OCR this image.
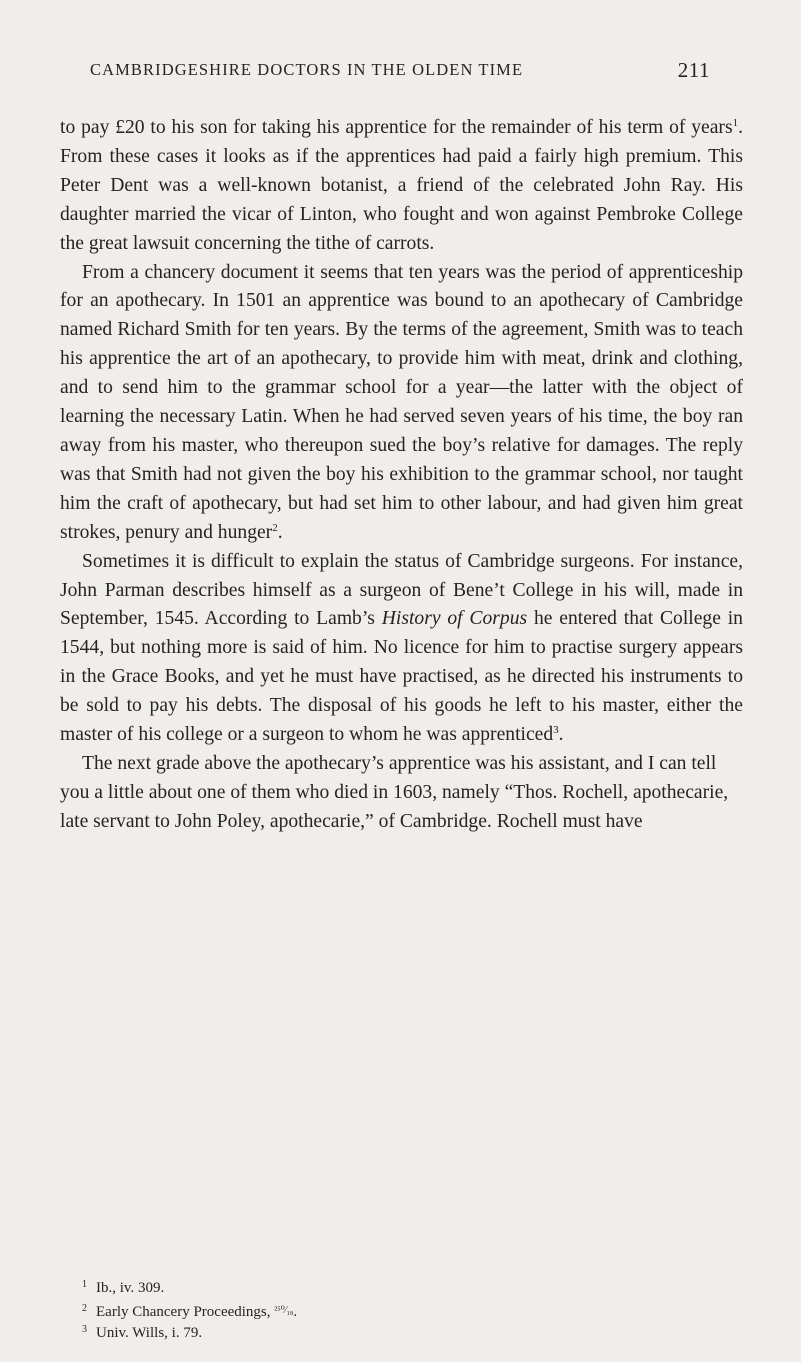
CAMBRIDGESHIRE DOCTORS IN THE OLDEN TIME	211

to pay £20 to his son for taking his apprentice for the remainder of his term of years$^1$. From these cases it looks as if the apprentices had paid a fairly high premium. This Peter Dent was a well-known botanist, a friend of the celebrated John Ray. His daughter married the vicar of Linton, who fought and won against Pembroke College the great lawsuit concerning the tithe of carrots.

From a chancery document it seems that ten years was the period of apprenticeship for an apothecary. In 1501 an apprentice was bound to an apothecary of Cambridge named Richard Smith for ten years. By the terms of the agreement, Smith was to teach his apprentice the art of an apothecary, to provide him with meat, drink and clothing, and to send him to the grammar school for a year—the latter with the object of learning the necessary Latin. When he had served seven years of his time, the boy ran away from his master, who thereupon sued the boy’s relative for damages. The reply was that Smith had not given the boy his exhibition to the grammar school, nor taught him the craft of apothecary, but had set him to other labour, and had given him great strokes, penury and hunger$^2$.

Sometimes it is difficult to explain the status of Cambridge surgeons. For instance, John Parman describes himself as a surgeon of Bene’t College in his will, made in September, 1545. According to Lamb’s History of Corpus he entered that College in 1544, but nothing more is said of him. No licence for him to practise surgery appears in the Grace Books, and yet he must have practised, as he directed his instruments to be sold to pay his debts. The disposal of his goods he left to his master, either the master of his college or a surgeon to whom he was apprenticed$^3$.

The next grade above the apothecary’s apprentice was his assistant, and I can tell you a little about one of them who died in 1603, namely “Thos. Rochell, apothecarie, late servant to John Poley, apothecarie,” of Cambridge. Rochell must have

1 Ib., iv. 309.
2 Early Chancery Proceedings, $^{^{250}⁄_{18}}$.
3 Univ. Wills, i. 79.
